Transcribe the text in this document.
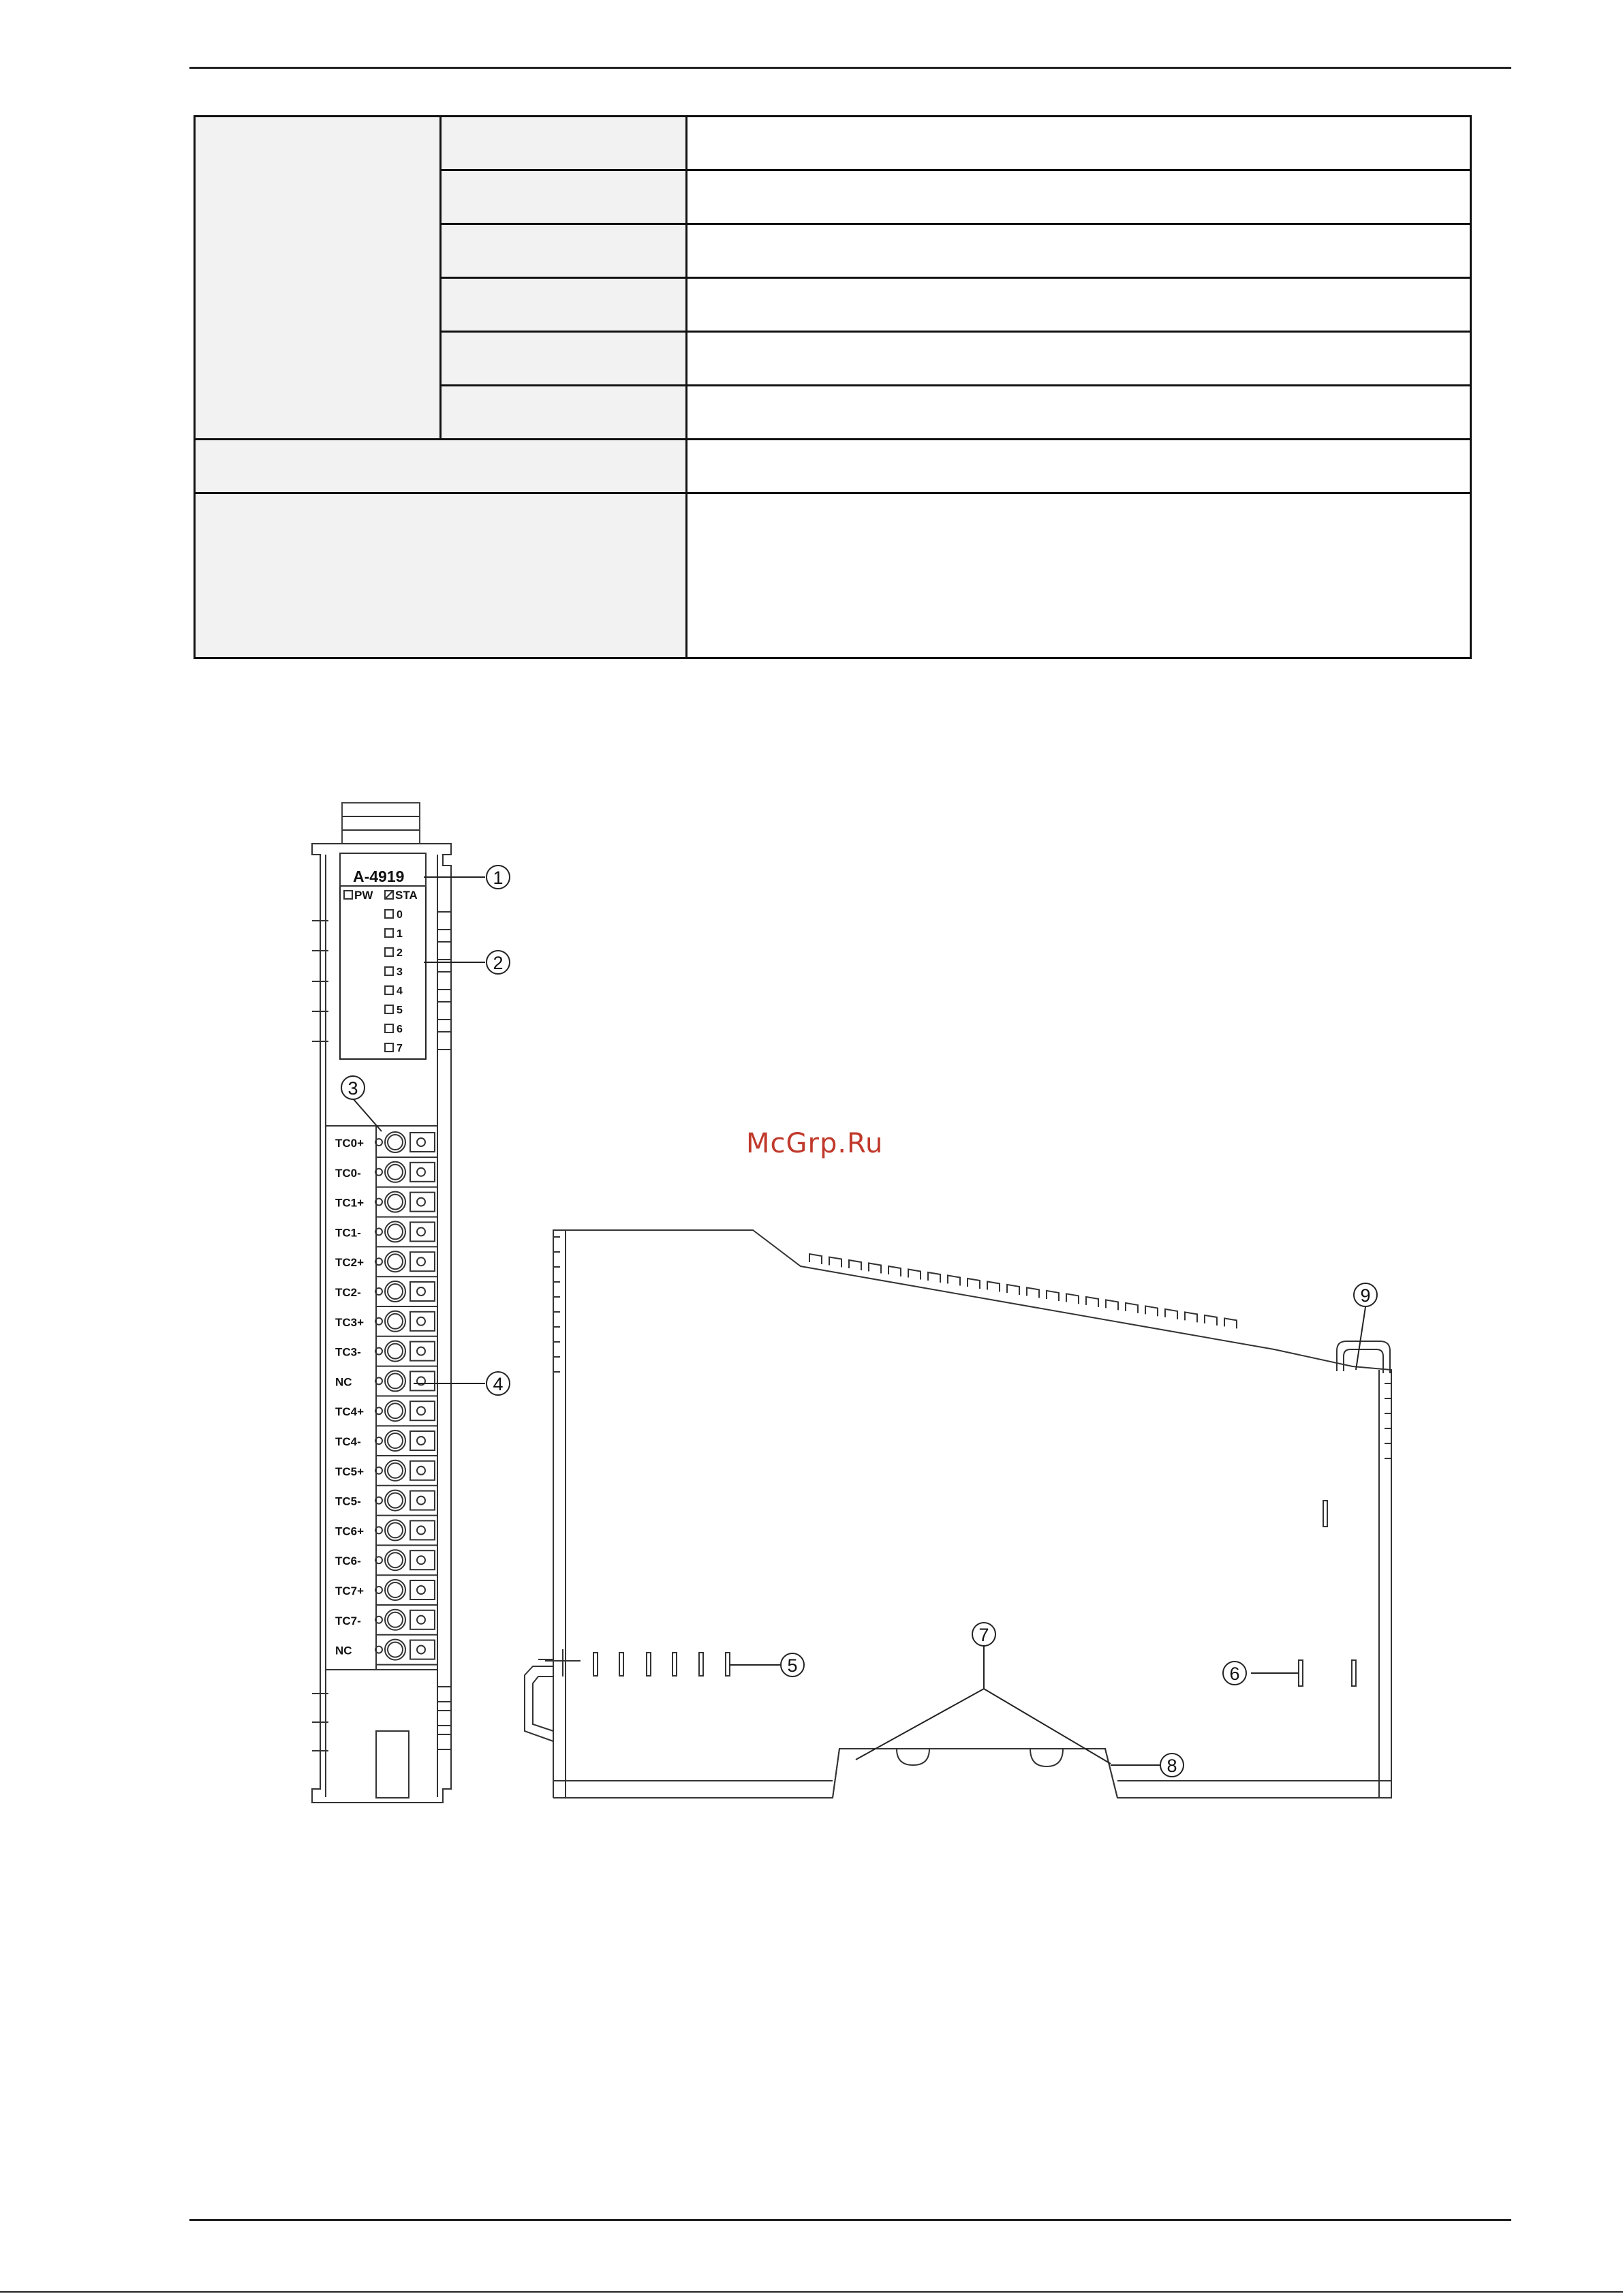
A-4919
PW STA
0
1
2
3
4
5
6
7
TC0+
TC0-
TC1+
TC1-
TC2+
TC2-
TC3+
TC3-
NC
TC4+
TC4-
TC5+
TC5-
TC6+
TC6-
TC7+
TC7-
NC
1
2
3
4
5	6
7
8
9
McGrp.Ru
